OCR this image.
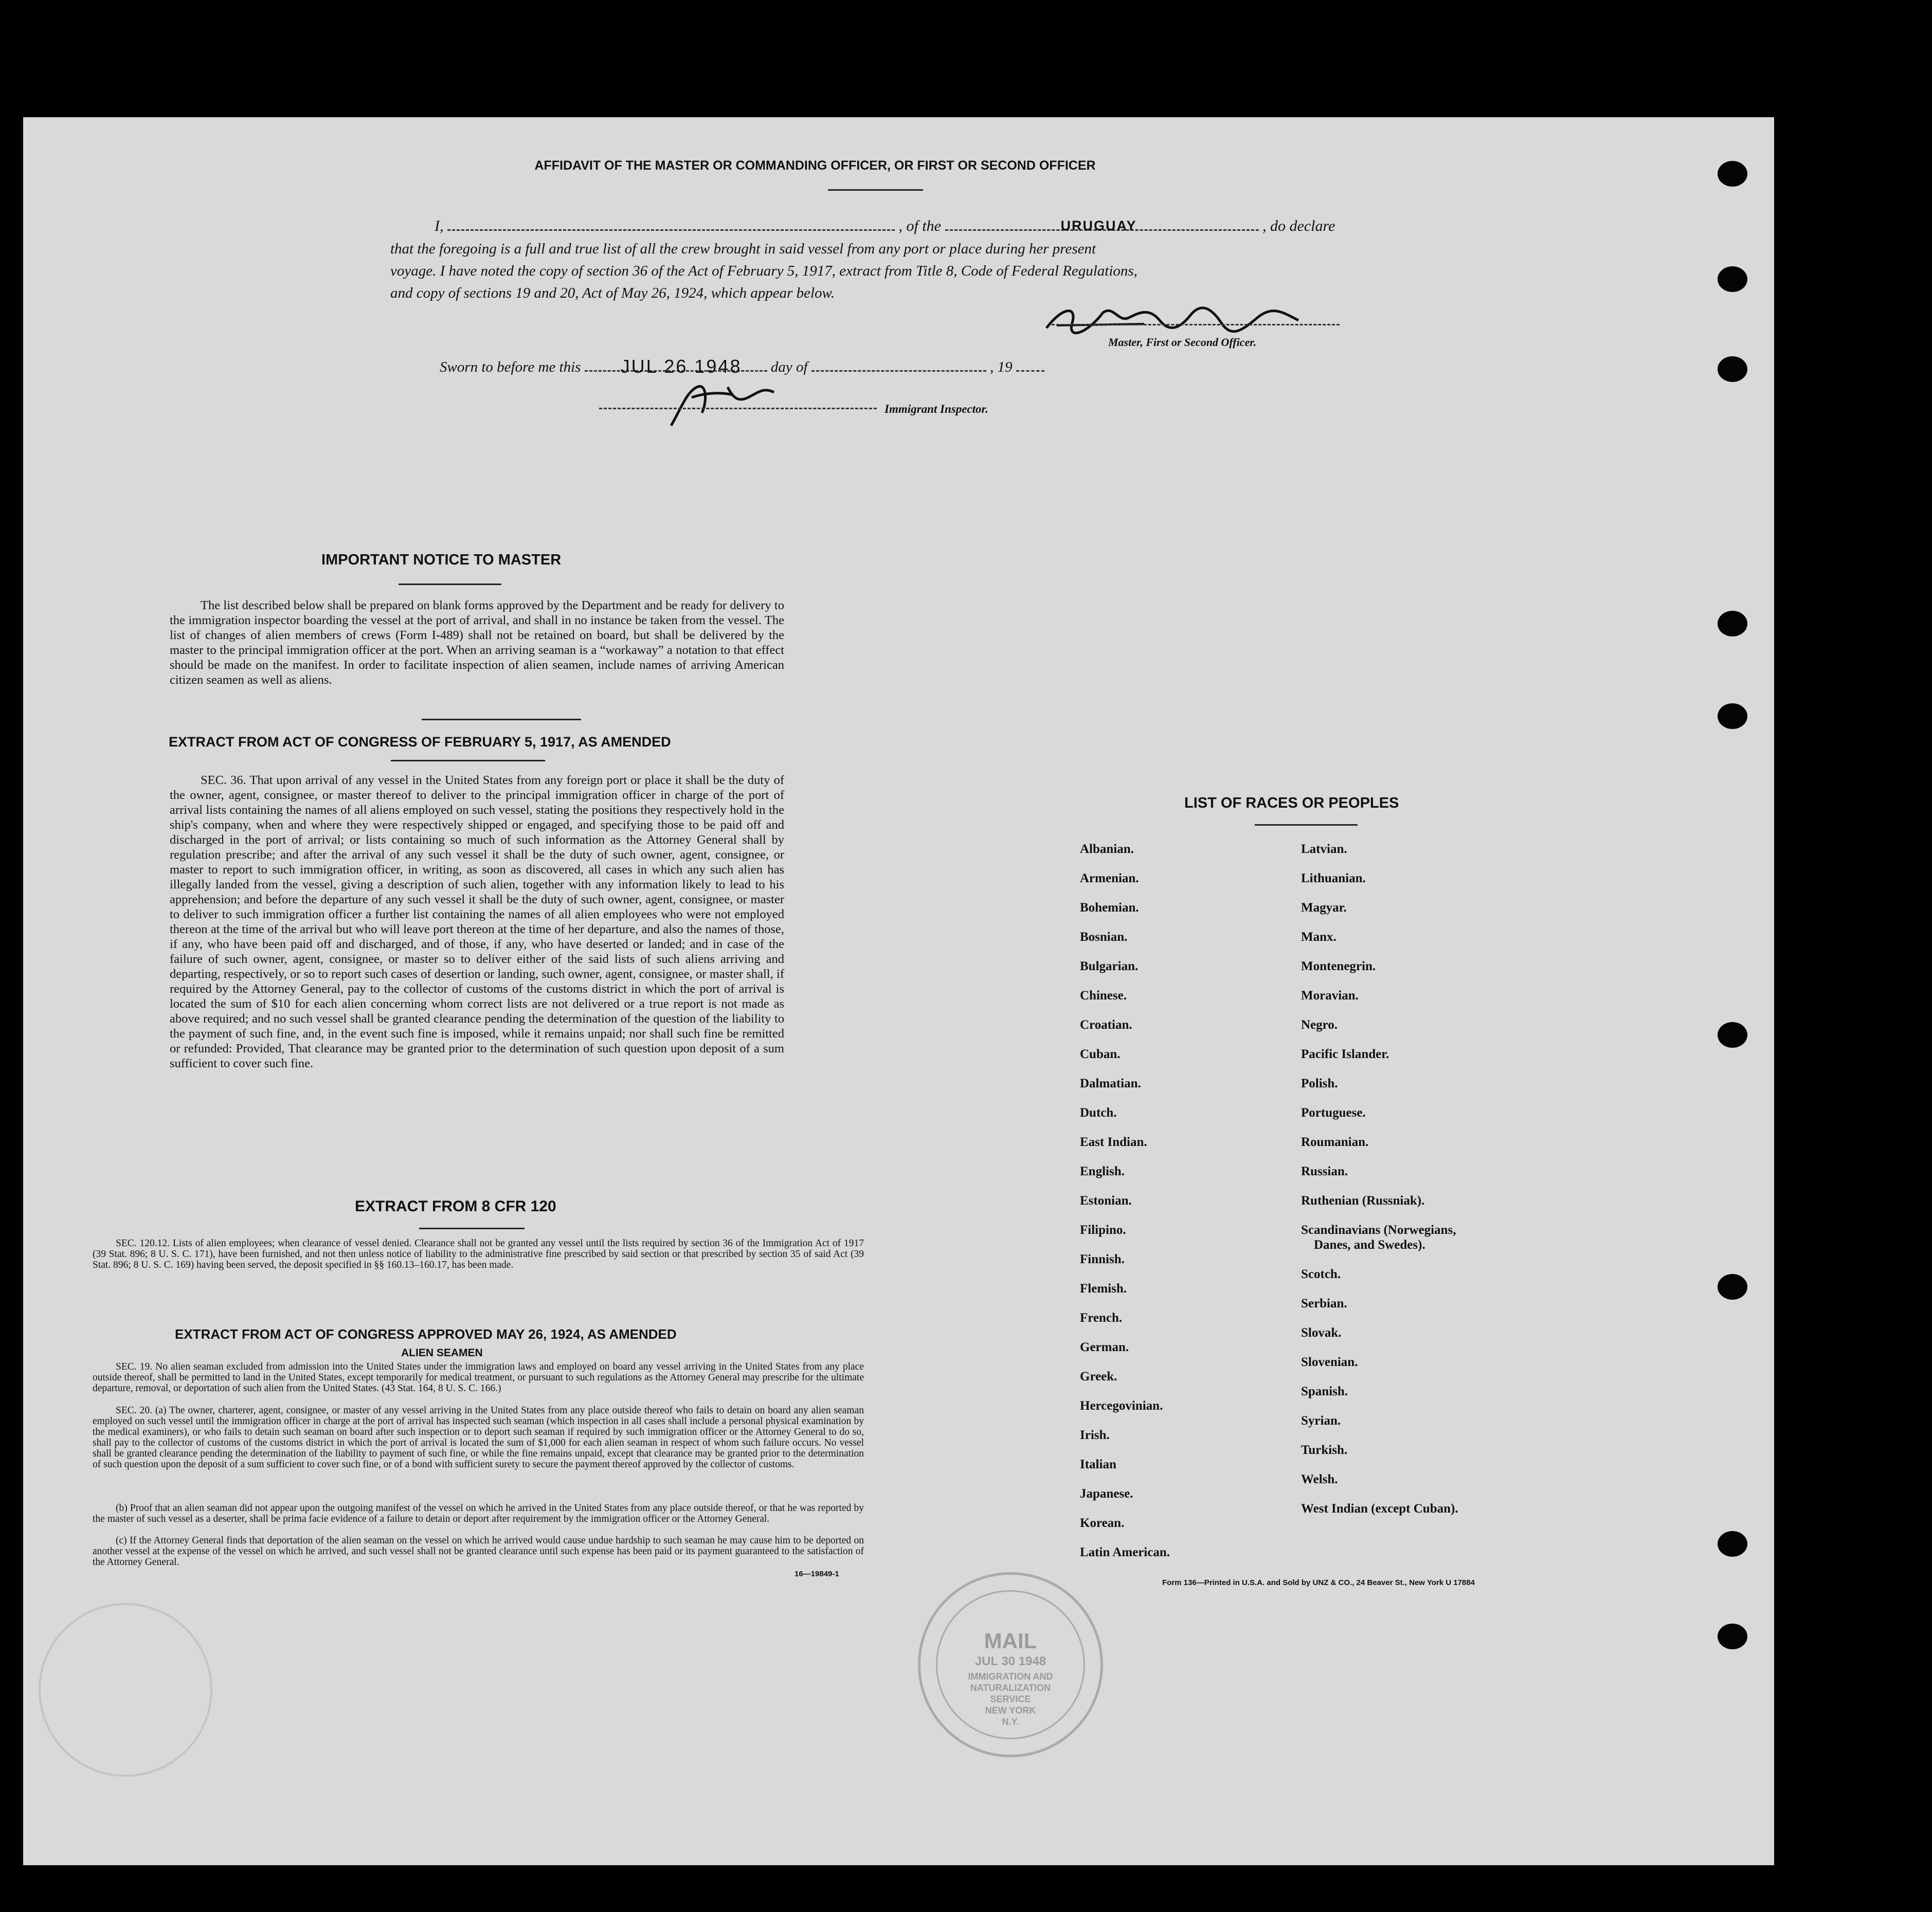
AFFIDAVIT OF THE MASTER OR COMMANDING OFFICER, OR FIRST OR SECOND OFFICER
I,	, of the	URUGUAY	, do declare
that the foregoing is a full and true list of all the crew brought in said vessel from any port or place during her present
voyage. I have noted the copy of section 36 of the Act of February 5, 1917, extract from Title 8, Code of Federal Regulations,
and copy of sections 19 and 20, Act of May 26, 1924, which appear below.
Master, First or Second Officer.
Sworn to before me this JUL 26 1948 day of	, 19
Immigrant Inspector.
IMPORTANT NOTICE TO MASTER
The list described below shall be prepared on blank forms approved by the Department and be ready for delivery to the immigration inspector boarding the vessel at the port of arrival, and shall in no instance be taken from the vessel. The list of changes of alien members of crews (Form I-489) shall not be retained on board, but shall be delivered by the master to the principal immigration officer at the port. When an arriving seaman is a “workaway” a notation to that effect should be made on the manifest. In order to facilitate inspection of alien seamen, include names of arriving American citizen seamen as well as aliens.
EXTRACT FROM ACT OF CONGRESS OF FEBRUARY 5, 1917, AS AMENDED
SEC. 36. That upon arrival of any vessel in the United States from any foreign port or place it shall be the duty of the owner, agent, consignee, or master thereof to deliver to the principal immigration officer in charge of the port of arrival lists containing the names of all aliens employed on such vessel, stating the positions they respectively hold in the ship's company, when and where they were respectively shipped or engaged, and specifying those to be paid off and discharged in the port of arrival; or lists containing so much of such information as the Attorney General shall by regulation prescribe; and after the arrival of any such vessel it shall be the duty of such owner, agent, consignee, or master to report to such immigration officer, in writing, as soon as discovered, all cases in which any such alien has illegally landed from the vessel, giving a description of such alien, together with any information likely to lead to his apprehension; and before the departure of any such vessel it shall be the duty of such owner, agent, consignee, or master to deliver to such immigration officer a further list containing the names of all alien employees who were not employed thereon at the time of the arrival but who will leave port thereon at the time of her departure, and also the names of those, if any, who have been paid off and discharged, and of those, if any, who have deserted or landed; and in case of the failure of such owner, agent, consignee, or master so to deliver either of the said lists of such aliens arriving and departing, respectively, or so to report such cases of desertion or landing, such owner, agent, consignee, or master shall, if required by the Attorney General, pay to the collector of customs of the customs district in which the port of arrival is located the sum of $10 for each alien concerning whom correct lists are not delivered or a true report is not made as above required; and no such vessel shall be granted clearance pending the determination of the question of the liability to the payment of such fine, and, in the event such fine is imposed, while it remains unpaid; nor shall such fine be remitted or refunded: Provided, That clearance may be granted prior to the determination of such question upon deposit of a sum sufficient to cover such fine.
EXTRACT FROM 8 CFR 120
SEC. 120.12. Lists of alien employees; when clearance of vessel denied. Clearance shall not be granted any vessel until the lists required by section 36 of the Immigration Act of 1917 (39 Stat. 896; 8 U. S. C. 171), have been furnished, and not then unless notice of liability to the administrative fine prescribed by said section or that prescribed by section 35 of said Act (39 Stat. 896; 8 U. S. C. 169) having been served, the deposit specified in §§ 160.13–160.17, has been made.
EXTRACT FROM ACT OF CONGRESS APPROVED MAY 26, 1924, AS AMENDED
ALIEN SEAMEN
SEC. 19. No alien seaman excluded from admission into the United States under the immigration laws and employed on board any vessel arriving in the United States from any place outside thereof, shall be permitted to land in the United States, except temporarily for medical treatment, or pursuant to such regulations as the Attorney General may prescribe for the ultimate departure, removal, or deportation of such alien from the United States. (43 Stat. 164, 8 U. S. C. 166.)
SEC. 20. (a) The owner, charterer, agent, consignee, or master of any vessel arriving in the United States from any place outside thereof who fails to detain on board any alien seaman employed on such vessel until the immigration officer in charge at the port of arrival has inspected such seaman (which inspection in all cases shall include a personal physical examination by the medical examiners), or who fails to detain such seaman on board after such inspection or to deport such seaman if required by such immigration officer or the Attorney General to do so, shall pay to the collector of customs of the customs district in which the port of arrival is located the sum of $1,000 for each alien seaman in respect of whom such failure occurs. No vessel shall be granted clearance pending the determination of the liability to payment of such fine, or while the fine remains unpaid, except that clearance may be granted prior to the determination of such question upon the deposit of a sum sufficient to cover such fine, or of a bond with sufficient surety to secure the payment thereof approved by the collector of customs.
(b) Proof that an alien seaman did not appear upon the outgoing manifest of the vessel on which he arrived in the United States from any place outside thereof, or that he was reported by the master of such vessel as a deserter, shall be prima facie evidence of a failure to detain or deport after requirement by the immigration officer or the Attorney General.
(c) If the Attorney General finds that deportation of the alien seaman on the vessel on which he arrived would cause undue hardship to such seaman he may cause him to be deported on another vessel at the expense of the vessel on which he arrived, and such vessel shall not be granted clearance until such expense has been paid or its payment guaranteed to the satisfaction of the Attorney General.
16—19849-1
LIST OF RACES OR PEOPLES
Form 136—Printed in U.S.A. and Sold by UNZ & CO., 24 Beaver St., New York U 17884
MAIL
JUL 30 1948
IMMIGRATION AND
NATURALIZATION
SERVICE
NEW YORK
N.Y.
Albanian.
Armenian.
Bohemian.
Bosnian.
Bulgarian.
Chinese.
Croatian.
Cuban.
Dalmatian.
Dutch.
East Indian.
English.
Estonian.
Filipino.
Finnish.
Flemish.
French.
German.
Greek.
Hercegovinian.
Irish.
Italian
Japanese.
Korean.
Latin American.
Latvian.
Lithuanian.
Magyar.
Manx.
Montenegrin.
Moravian.
Negro.
Pacific Islander.
Polish.
Portuguese.
Roumanian.
Russian.
Ruthenian (Russniak).
Scandinavians (Norwegians,
Danes, and Swedes).
Scotch.
Serbian.
Slovak.
Slovenian.
Spanish.
Syrian.
Turkish.
Welsh.
West Indian (except Cuban).
